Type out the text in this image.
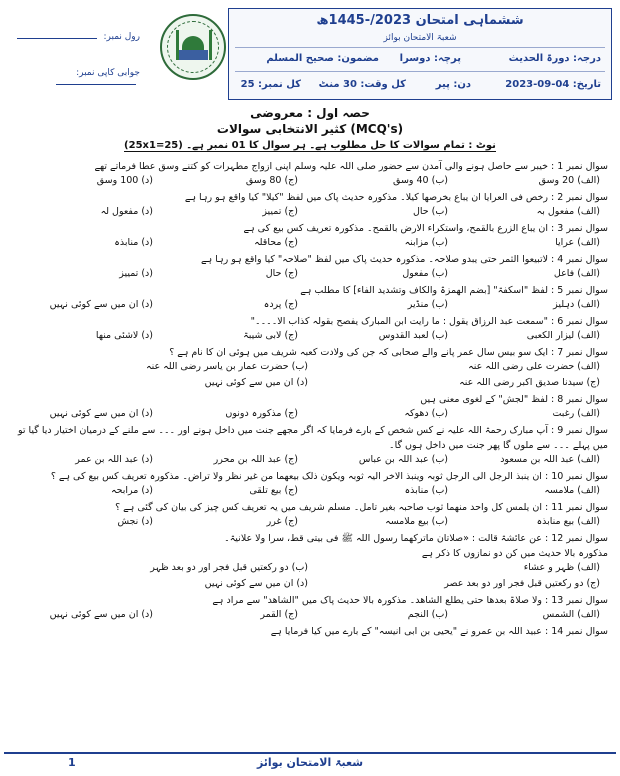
رول نمبر:
جوابی کاپی نمبر:
ششماہی امتحان 2023/-1445ھ
شعبۃ الامتحان بوائز
درجہ: دورۃ الحدیث
پرچہ: دوسرا
مضمون: صحیح المسلم
تاریخ: 04-09-2023
دن: پیر
کل وقت: 30 منٹ
کل نمبر: 25
حصہ اول : معروضی
کثیر الانتخابی سوالات (MCQ's)
نوٹ : تمام سوالات کا حل مطلوب ہے۔ ہر سوال کا 01 نمبر ہے۔ (25x1=25)
سوال نمبر 1 : خیبر سے حاصل ہونے والی آمدن سے حضور صلی اللہ علیہ وسلم اپنی ازواج مطہرات کو کتنے وسق عطا فرماتے تھے
(الف) 20 وسق
(ب) 40 وسق
(ج) 80 وسق
(د) 100 وسق
سوال نمبر 2 : رخص فی العرایا ان یباع بخرصھا کیلا۔ مذکورہ حدیث پاک میں لفظ "کیلا" کیا واقع ہو رہا ہے
(الف) مفعول بہ
(ب) حال
(ج) تمییز
(د) مفعول لہ
سوال نمبر 3 : ان یباع الزرع بالقمح، واستکراء الارض بالقمح۔ مذکورہ تعریف کس بیع کی ہے
(الف) عرایا
(ب) مزابنہ
(ج) محاقلہ
(د) منابذہ
سوال نمبر 4 : لاتبیعوا الثمر حتی یبدو صلاحہ۔ مذکورہ حدیث پاک میں لفظ "صلاحہ" کیا واقع ہو رہا ہے
(الف) فاعل
(ب) مفعول
(ج) حال
(د) تمییز
سوال نمبر 5 : لفظ "اسکفۃ" [بضم الھمزۃ والکاف وتشدید الفاء] کا مطلب ہے
(الف) دہلیز
(ب) منڈیر
(ج) پردہ
(د) ان میں سے کوئی نہیں
سوال نمبر 6 : "سمعت عبد الرزاق یقول : ما رایت ابن المبارک یفصح بقولہ کذاب الا۔۔۔۔"
(الف) لیزار الکعبی
(ب) لعبد القدوس
(ج) لابی شیبۃ
(د) لاشئی منھا
سوال نمبر 7 : ایک سو بیس سال عمر پانے والے صحابی کہ جن کی ولادت کعبہ شریف میں ہوئی ان کا نام ہے ؟
(الف) حضرت علی رضی اللہ عنہ
(ب) حضرت عمار بن یاسر رضی اللہ عنہ
(ج) سیدنا صدیق اکبر رضی اللہ عنہ
(د) ان میں سے کوئی نہیں
سوال نمبر 8 : لفظ "لجش" کے لغوی معنی ہیں
(الف) رغبت
(ب) دھوکہ
(ج) مذکورہ دونوں
(د) ان میں سے کوئی نہیں
سوال نمبر 9 : آپ مبارک رحمۃ اللہ علیہ نے کس شخص کے بارے فرمایا کہ اگر مجھے جنت میں داخل ہونے اور ۔۔۔ سے ملنے کے درمیان اختیار دیا گیا تو
میں پہلے ۔۔۔ سے ملوں گا پھر جنت میں داخل ہوں گا۔
(الف) عبد اللہ بن مسعود
(ب) عبد اللہ بن عباس
(ج) عبد اللہ بن محرر
(د) عبد اللہ بن عمر
سوال نمبر 10 : ان ینبذ الرجل الی الرجل ثوبہ وینبذ الاخر الیہ ثوبہ ویکون ذلک بیعھما من غیر نظر ولا تراض۔ مذکورہ تعریف کس بیع کی ہے ؟
(الف) ملامسہ
(ب) منابذہ
(ج) بیع تلقی
(د) مرابحہ
سوال نمبر 11 : ان یلمس کل واحد منھما ثوب صاحبہ بغیر تامل۔ مسلم شریف میں یہ تعریف کس چیز کی بیان کی گئی ہے ؟
(الف) بیع منابذہ
(ب) بیع ملامسہ
(ج) غرر
(د) نجش
سوال نمبر 12 : عن عائشۃ قالت : «صلاتان ماترکھما رسول اللہ ﷺ فی بیتی قط، سرا ولا علانیۃ۔
مذکورہ بالا حدیث میں کن دو نمازوں کا ذکر ہے
(الف) ظہر و عشاء
(ب) دو رکعتیں قبل فجر اور دو بعد ظہر
(ج) دو رکعتیں قبل فجر اور دو بعد عصر
(د) ان میں سے کوئی نہیں
سوال نمبر 13 : ولا صلاۃ بعدھا حتی یطلع الشاھد۔ مذکورہ بالا حدیث پاک میں "الشاھد" سے مراد ہے
(الف) الشمس
(ب) النجم
(ج) القمر
(د) ان میں سے کوئی نہیں
سوال نمبر 14 : عبید اللہ بن عمرو نے "یحیی بن ابی انیسہ" کے بارے میں کیا فرمایا ہے
شعبۃ الامتحان بوائز
1
